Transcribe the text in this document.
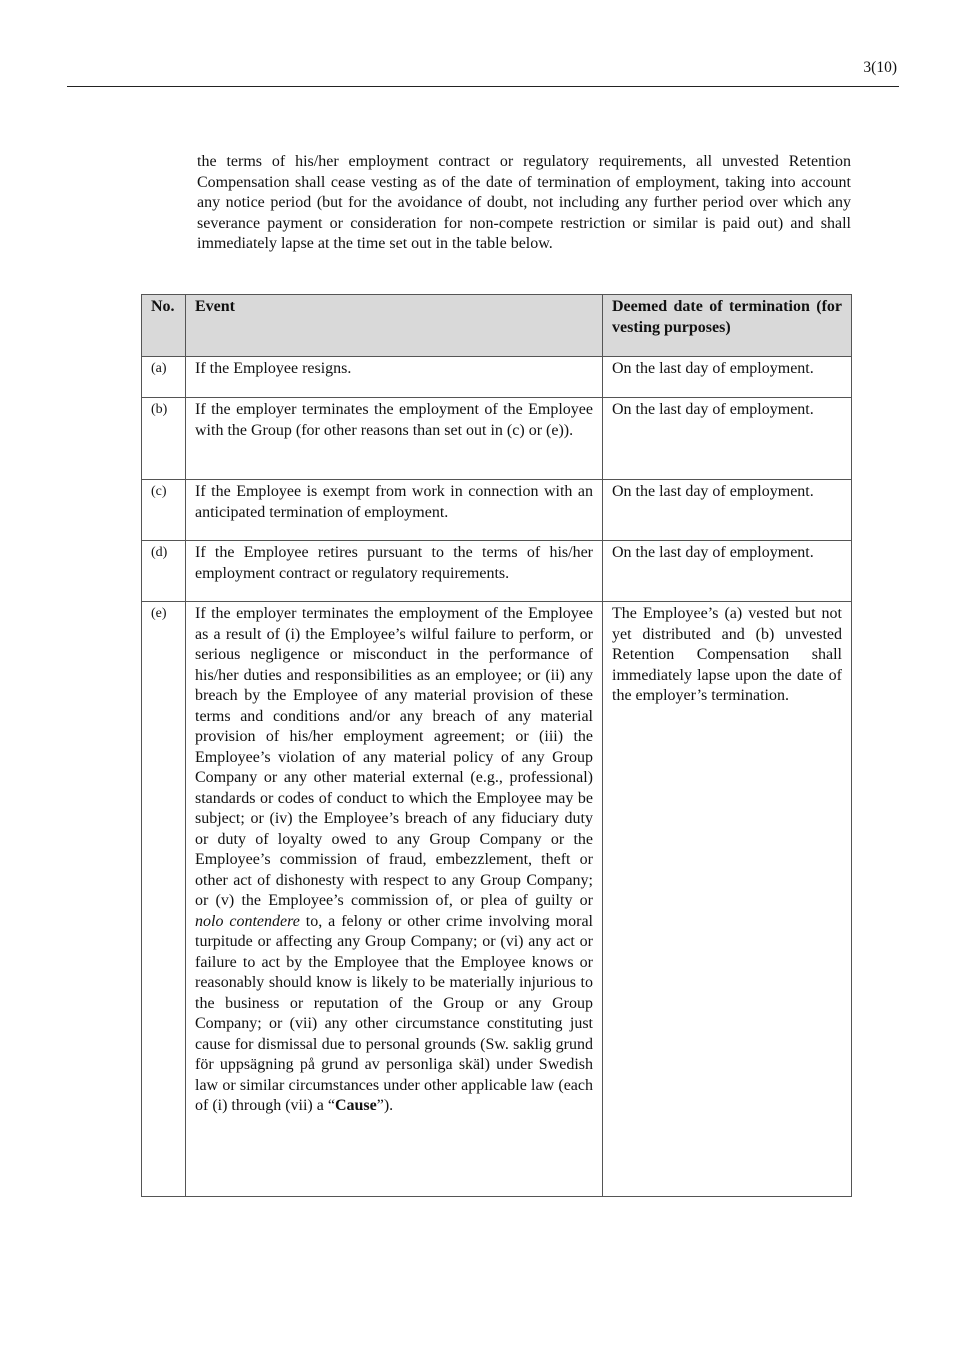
3(10)

the terms of his/her employment contract or regulatory requirements, all unvested Retention Compensation shall cease vesting as of the date of termination of employment, taking into account any notice period (but for the avoidance of doubt, not including any further period over which any severance payment or consideration for non-compete restriction or similar is paid out) and shall immediately lapse at the time set out in the table below.

No.	Event	Deemed date of termination (for vesting purposes)
(a)	If the Employee resigns.	On the last day of employment.
(b)	If the employer terminates the employment of the Employee with the Group (for other reasons than set out in (c) or (e)).	On the last day of employment.
(c)	If the Employee is exempt from work in connection with an anticipated termination of employment.	On the last day of employment.
(d)	If the Employee retires pursuant to the terms of his/her employment contract or regulatory requirements.	On the last day of employment.
(e)	If the employer terminates the employment of the Employee as a result of (i) the Employee’s wilful failure to perform, or serious negligence or misconduct in the performance of his/her duties and responsibilities as an employee; or (ii) any breach by the Employee of any material provision of these terms and conditions and/or any breach of any material provision of his/her employment agreement; or (iii) the Employee’s violation of any material policy of any Group Company or any other material external (e.g., professional) standards or codes of conduct to which the Employee may be subject; or (iv) the Employee’s breach of any fiduciary duty or duty of loyalty owed to any Group Company or the Employee’s commission of fraud, embezzlement, theft or other act of dishonesty with respect to any Group Company; or (v) the Employee’s commission of, or plea of guilty or nolo contendere to, a felony or other crime involving moral turpitude or affecting any Group Company; or (vi) any act or failure to act by the Employee that the Employee knows or reasonably should know is likely to be materially injurious to the business or reputation of the Group or any Group Company; or (vii) any other circumstance constituting just cause for dismissal due to personal grounds (Sw. saklig grund för uppsägning på grund av personliga skäl) under Swedish law or similar circumstances under other applicable law (each of (i) through (vii) a “Cause”).	The Employee’s (a) vested but not yet distributed and (b) unvested Retention Compensation shall immediately lapse upon the date of the employer’s termination.
